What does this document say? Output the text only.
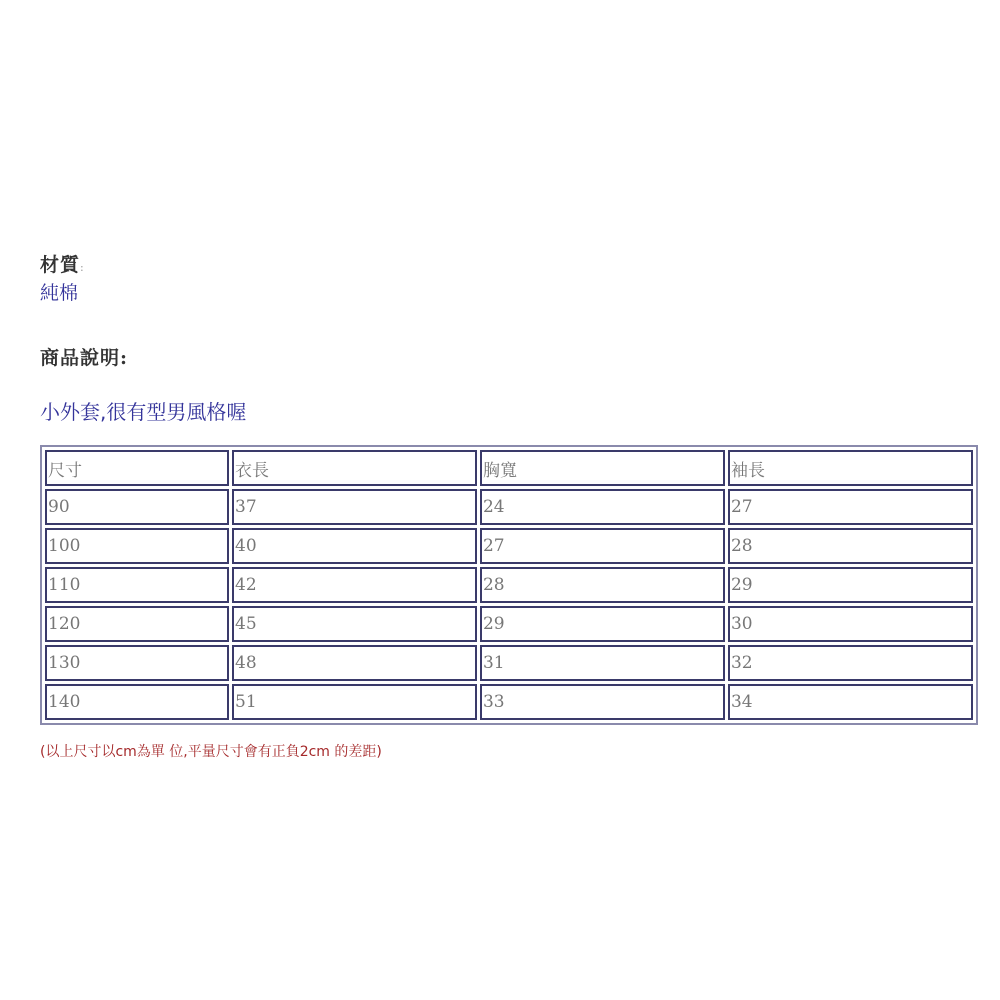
材質:
純棉
商品說明:
小外套,很有型男風格喔
尺寸	衣長	胸寬	袖長
90	37	24	27
100	40	27	28
110	42	28	29
120	45	29	30
130	48	31	32
140	51	33	34
(以上尺寸以cm為單 位,平量尺寸會有正負2cm 的差距)
